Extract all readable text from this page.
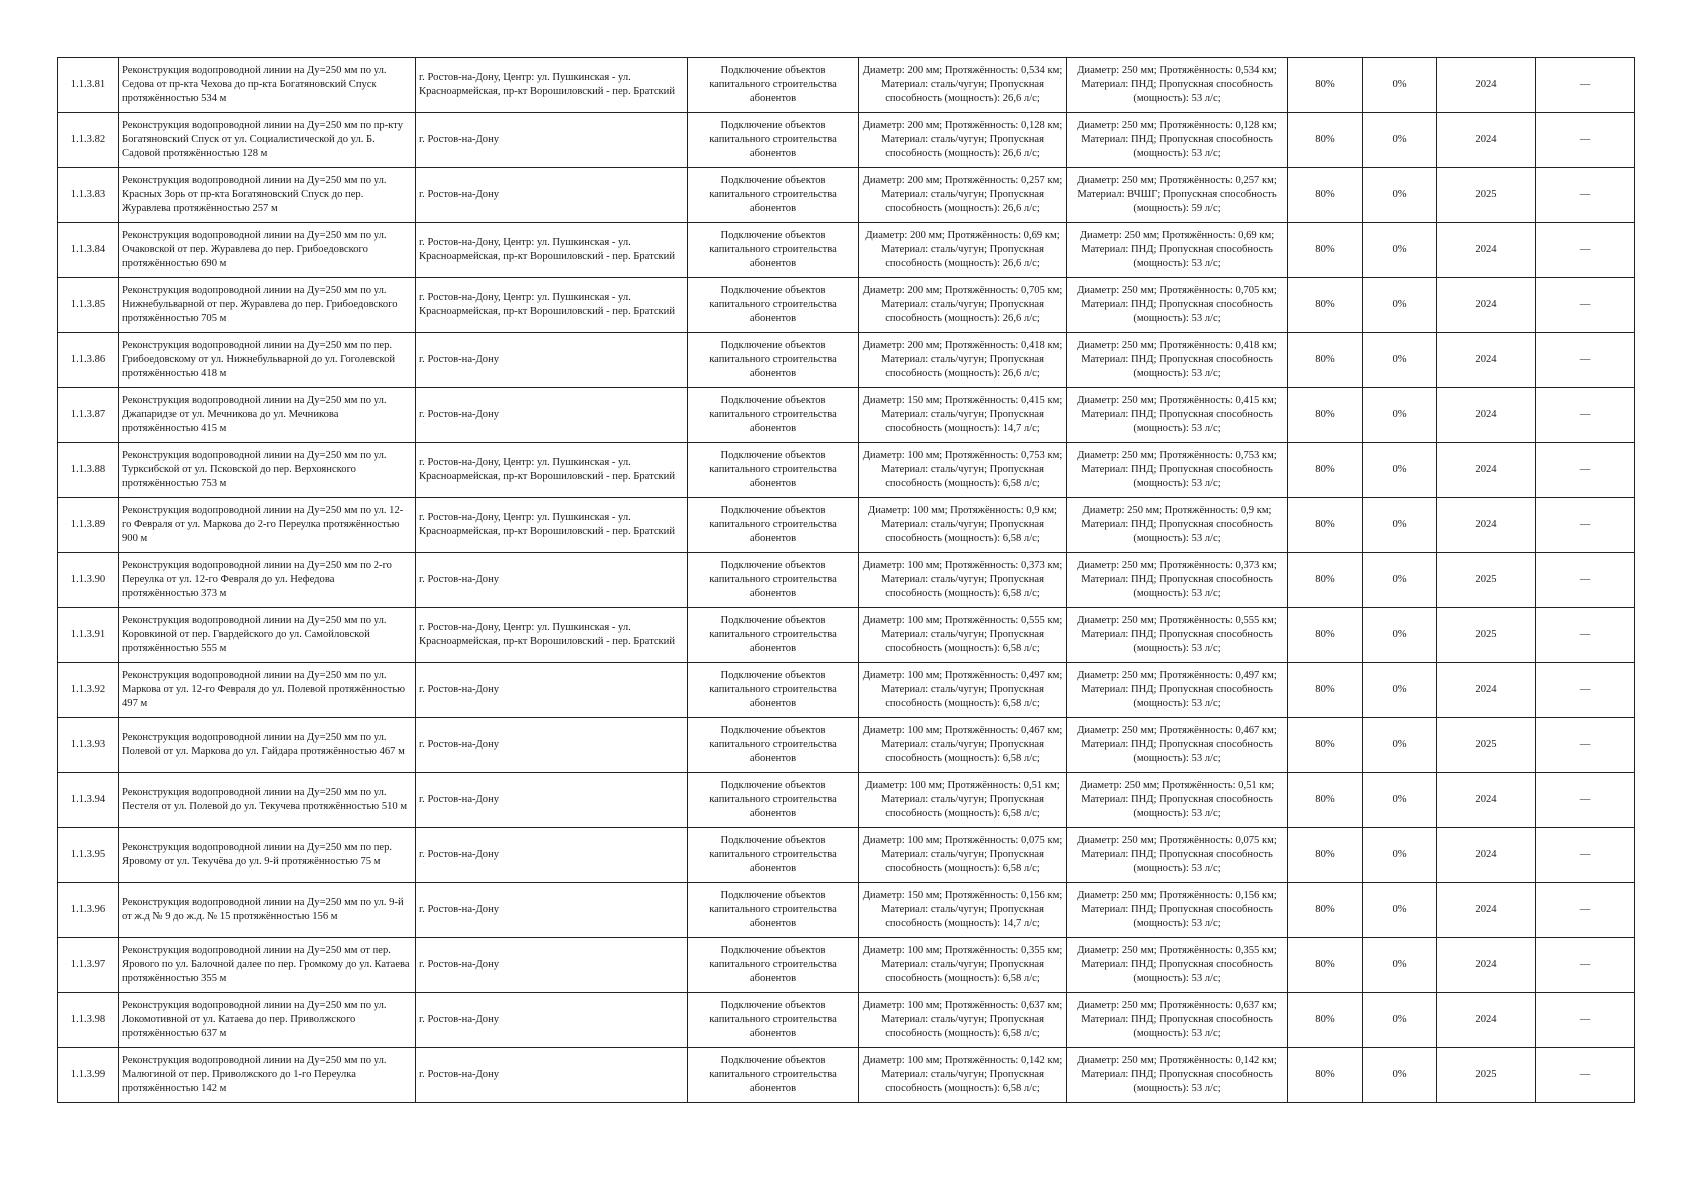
1.1.3.81	Реконструкция водопроводной линии на Ду=250 мм по ул. Седова от пр-кта Чехова до пр-кта Богатяновский Спуск протяжённостью 534 м	г. Ростов-на-Дону, Центр: ул. Пушкинская - ул. Красноармейская, пр-кт Ворошиловский - пер. Братский	Подключение объектов капитального строительства абонентов	Диаметр: 200 мм; Протяжённость: 0,534 км; Материал: сталь/чугун; Пропускная способность (мощность): 26,6 л/с;	Диаметр: 250 мм; Протяжённость: 0,534 км; Материал: ПНД; Пропускная способность (мощность): 53 л/с;	80%	0%	2024	—
1.1.3.82	Реконструкция водопроводной линии на Ду=250 мм по пр-кту Богатяновский Спуск от ул. Социалистической до ул. Б. Садовой протяжённостью 128 м	г. Ростов-на-Дону	Подключение объектов капитального строительства абонентов	Диаметр: 200 мм; Протяжённость: 0,128 км; Материал: сталь/чугун; Пропускная способность (мощность): 26,6 л/с;	Диаметр: 250 мм; Протяжённость: 0,128 км; Материал: ПНД; Пропускная способность (мощность): 53 л/с;	80%	0%	2024	—
1.1.3.83	Реконструкция водопроводной линии на Ду=250 мм по ул. Красных Зорь от пр-кта Богатяновский Спуск до пер. Журавлева протяжённостью 257 м	г. Ростов-на-Дону	Подключение объектов капитального строительства абонентов	Диаметр: 200 мм; Протяжённость: 0,257 км; Материал: сталь/чугун; Пропускная способность (мощность): 26,6 л/с;	Диаметр: 250 мм; Протяжённость: 0,257 км; Материал: ВЧШГ; Пропускная способность (мощность): 59 л/с;	80%	0%	2025	—
1.1.3.84	Реконструкция водопроводной линии на Ду=250 мм по ул. Очаковской от пер. Журавлева до пер. Грибоедовского протяжённостью 690 м	г. Ростов-на-Дону, Центр: ул. Пушкинская - ул. Красноармейская, пр-кт Ворошиловский - пер. Братский	Подключение объектов капитального строительства абонентов	Диаметр: 200 мм; Протяжённость: 0,69 км; Материал: сталь/чугун; Пропускная способность (мощность): 26,6 л/с;	Диаметр: 250 мм; Протяжённость: 0,69 км; Материал: ПНД; Пропускная способность (мощность): 53 л/с;	80%	0%	2024	—
1.1.3.85	Реконструкция водопроводной линии на Ду=250 мм по ул. Нижнебульварной от пер. Журавлева до пер. Грибоедовского протяжённостью 705 м	г. Ростов-на-Дону, Центр: ул. Пушкинская - ул. Красноармейская, пр-кт Ворошиловский - пер. Братский	Подключение объектов капитального строительства абонентов	Диаметр: 200 мм; Протяжённость: 0,705 км; Материал: сталь/чугун; Пропускная способность (мощность): 26,6 л/с;	Диаметр: 250 мм; Протяжённость: 0,705 км; Материал: ПНД; Пропускная способность (мощность): 53 л/с;	80%	0%	2024	—
1.1.3.86	Реконструкция водопроводной линии на Ду=250 мм по пер. Грибоедовскому от ул. Нижнебульварной до ул. Гоголевской протяжённостью 418 м	г. Ростов-на-Дону	Подключение объектов капитального строительства абонентов	Диаметр: 200 мм; Протяжённость: 0,418 км; Материал: сталь/чугун; Пропускная способность (мощность): 26,6 л/с;	Диаметр: 250 мм; Протяжённость: 0,418 км; Материал: ПНД; Пропускная способность (мощность): 53 л/с;	80%	0%	2024	—
1.1.3.87	Реконструкция водопроводной линии на Ду=250 мм по ул. Джапаридзе от ул. Мечникова до ул. Мечникова протяжённостью 415 м	г. Ростов-на-Дону	Подключение объектов капитального строительства абонентов	Диаметр: 150 мм; Протяжённость: 0,415 км; Материал: сталь/чугун; Пропускная способность (мощность): 14,7 л/с;	Диаметр: 250 мм; Протяжённость: 0,415 км; Материал: ПНД; Пропускная способность (мощность): 53 л/с;	80%	0%	2024	—
1.1.3.88	Реконструкция водопроводной линии на Ду=250 мм по ул. Турксибской от ул. Псковской до пер. Верхоянского протяжённостью 753 м	г. Ростов-на-Дону, Центр: ул. Пушкинская - ул. Красноармейская, пр-кт Ворошиловский - пер. Братский	Подключение объектов капитального строительства абонентов	Диаметр: 100 мм; Протяжённость: 0,753 км; Материал: сталь/чугун; Пропускная способность (мощность): 6,58 л/с;	Диаметр: 250 мм; Протяжённость: 0,753 км; Материал: ПНД; Пропускная способность (мощность): 53 л/с;	80%	0%	2024	—
1.1.3.89	Реконструкция водопроводной линии на Ду=250 мм по ул. 12-го Февраля от ул. Маркова до 2-го Переулка протяжённостью 900 м	г. Ростов-на-Дону, Центр: ул. Пушкинская - ул. Красноармейская, пр-кт Ворошиловский - пер. Братский	Подключение объектов капитального строительства абонентов	Диаметр: 100 мм; Протяжённость: 0,9 км; Материал: сталь/чугун; Пропускная способность (мощность): 6,58 л/с;	Диаметр: 250 мм; Протяжённость: 0,9 км; Материал: ПНД; Пропускная способность (мощность): 53 л/с;	80%	0%	2024	—
1.1.3.90	Реконструкция водопроводной линии на Ду=250 мм по 2-го Переулка от ул. 12-го Февраля до ул. Нефедова протяжённостью 373 м	г. Ростов-на-Дону	Подключение объектов капитального строительства абонентов	Диаметр: 100 мм; Протяжённость: 0,373 км; Материал: сталь/чугун; Пропускная способность (мощность): 6,58 л/с;	Диаметр: 250 мм; Протяжённость: 0,373 км; Материал: ПНД; Пропускная способность (мощность): 53 л/с;	80%	0%	2025	—
1.1.3.91	Реконструкция водопроводной линии на Ду=250 мм по ул. Коровкиной от пер. Гвардейского до ул. Самойловской протяжённостью 555 м	г. Ростов-на-Дону, Центр: ул. Пушкинская - ул. Красноармейская, пр-кт Ворошиловский - пер. Братский	Подключение объектов капитального строительства абонентов	Диаметр: 100 мм; Протяжённость: 0,555 км; Материал: сталь/чугун; Пропускная способность (мощность): 6,58 л/с;	Диаметр: 250 мм; Протяжённость: 0,555 км; Материал: ПНД; Пропускная способность (мощность): 53 л/с;	80%	0%	2025	—
1.1.3.92	Реконструкция водопроводной линии на Ду=250 мм по ул. Маркова от ул. 12-го Февраля до ул. Полевой протяжённостью 497 м	г. Ростов-на-Дону	Подключение объектов капитального строительства абонентов	Диаметр: 100 мм; Протяжённость: 0,497 км; Материал: сталь/чугун; Пропускная способность (мощность): 6,58 л/с;	Диаметр: 250 мм; Протяжённость: 0,497 км; Материал: ПНД; Пропускная способность (мощность): 53 л/с;	80%	0%	2024	—
1.1.3.93	Реконструкция водопроводной линии на Ду=250 мм по ул. Полевой от ул. Маркова до ул. Гайдара протяжённостью 467 м	г. Ростов-на-Дону	Подключение объектов капитального строительства абонентов	Диаметр: 100 мм; Протяжённость: 0,467 км; Материал: сталь/чугун; Пропускная способность (мощность): 6,58 л/с;	Диаметр: 250 мм; Протяжённость: 0,467 км; Материал: ПНД; Пропускная способность (мощность): 53 л/с;	80%	0%	2025	—
1.1.3.94	Реконструкция водопроводной линии на Ду=250 мм по ул. Пестеля от ул. Полевой до ул. Текучева протяжённостью 510 м	г. Ростов-на-Дону	Подключение объектов капитального строительства абонентов	Диаметр: 100 мм; Протяжённость: 0,51 км; Материал: сталь/чугун; Пропускная способность (мощность): 6,58 л/с;	Диаметр: 250 мм; Протяжённость: 0,51 км; Материал: ПНД; Пропускная способность (мощность): 53 л/с;	80%	0%	2024	—
1.1.3.95	Реконструкция водопроводной линии на Ду=250 мм по пер. Яровому от ул. Текучёва до ул. 9-й протяжённостью 75 м	г. Ростов-на-Дону	Подключение объектов капитального строительства абонентов	Диаметр: 100 мм; Протяжённость: 0,075 км; Материал: сталь/чугун; Пропускная способность (мощность): 6,58 л/с;	Диаметр: 250 мм; Протяжённость: 0,075 км; Материал: ПНД; Пропускная способность (мощность): 53 л/с;	80%	0%	2024	—
1.1.3.96	Реконструкция водопроводной линии на Ду=250 мм по ул. 9-й от ж.д № 9 до ж.д. № 15 протяжённостью 156 м	г. Ростов-на-Дону	Подключение объектов капитального строительства абонентов	Диаметр: 150 мм; Протяжённость: 0,156 км; Материал: сталь/чугун; Пропускная способность (мощность): 14,7 л/с;	Диаметр: 250 мм; Протяжённость: 0,156 км; Материал: ПНД; Пропускная способность (мощность): 53 л/с;	80%	0%	2024	—
1.1.3.97	Реконструкция водопроводной линии на Ду=250 мм от пер. Ярового по ул. Балочной далее по пер. Громкому до ул. Катаева протяжённостью 355 м	г. Ростов-на-Дону	Подключение объектов капитального строительства абонентов	Диаметр: 100 мм; Протяжённость: 0,355 км; Материал: сталь/чугун; Пропускная способность (мощность): 6,58 л/с;	Диаметр: 250 мм; Протяжённость: 0,355 км; Материал: ПНД; Пропускная способность (мощность): 53 л/с;	80%	0%	2024	—
1.1.3.98	Реконструкция водопроводной линии на Ду=250 мм по ул. Локомотивной от ул. Катаева до пер. Приволжского протяжённостью 637 м	г. Ростов-на-Дону	Подключение объектов капитального строительства абонентов	Диаметр: 100 мм; Протяжённость: 0,637 км; Материал: сталь/чугун; Пропускная способность (мощность): 6,58 л/с;	Диаметр: 250 мм; Протяжённость: 0,637 км; Материал: ПНД; Пропускная способность (мощность): 53 л/с;	80%	0%	2024	—
1.1.3.99	Реконструкция водопроводной линии на Ду=250 мм по ул. Малюгиной от пер. Приволжского до 1-го Переулка протяжённостью 142 м	г. Ростов-на-Дону	Подключение объектов капитального строительства абонентов	Диаметр: 100 мм; Протяжённость: 0,142 км; Материал: сталь/чугун; Пропускная способность (мощность): 6,58 л/с;	Диаметр: 250 мм; Протяжённость: 0,142 км; Материал: ПНД; Пропускная способность (мощность): 53 л/с;	80%	0%	2025	—
